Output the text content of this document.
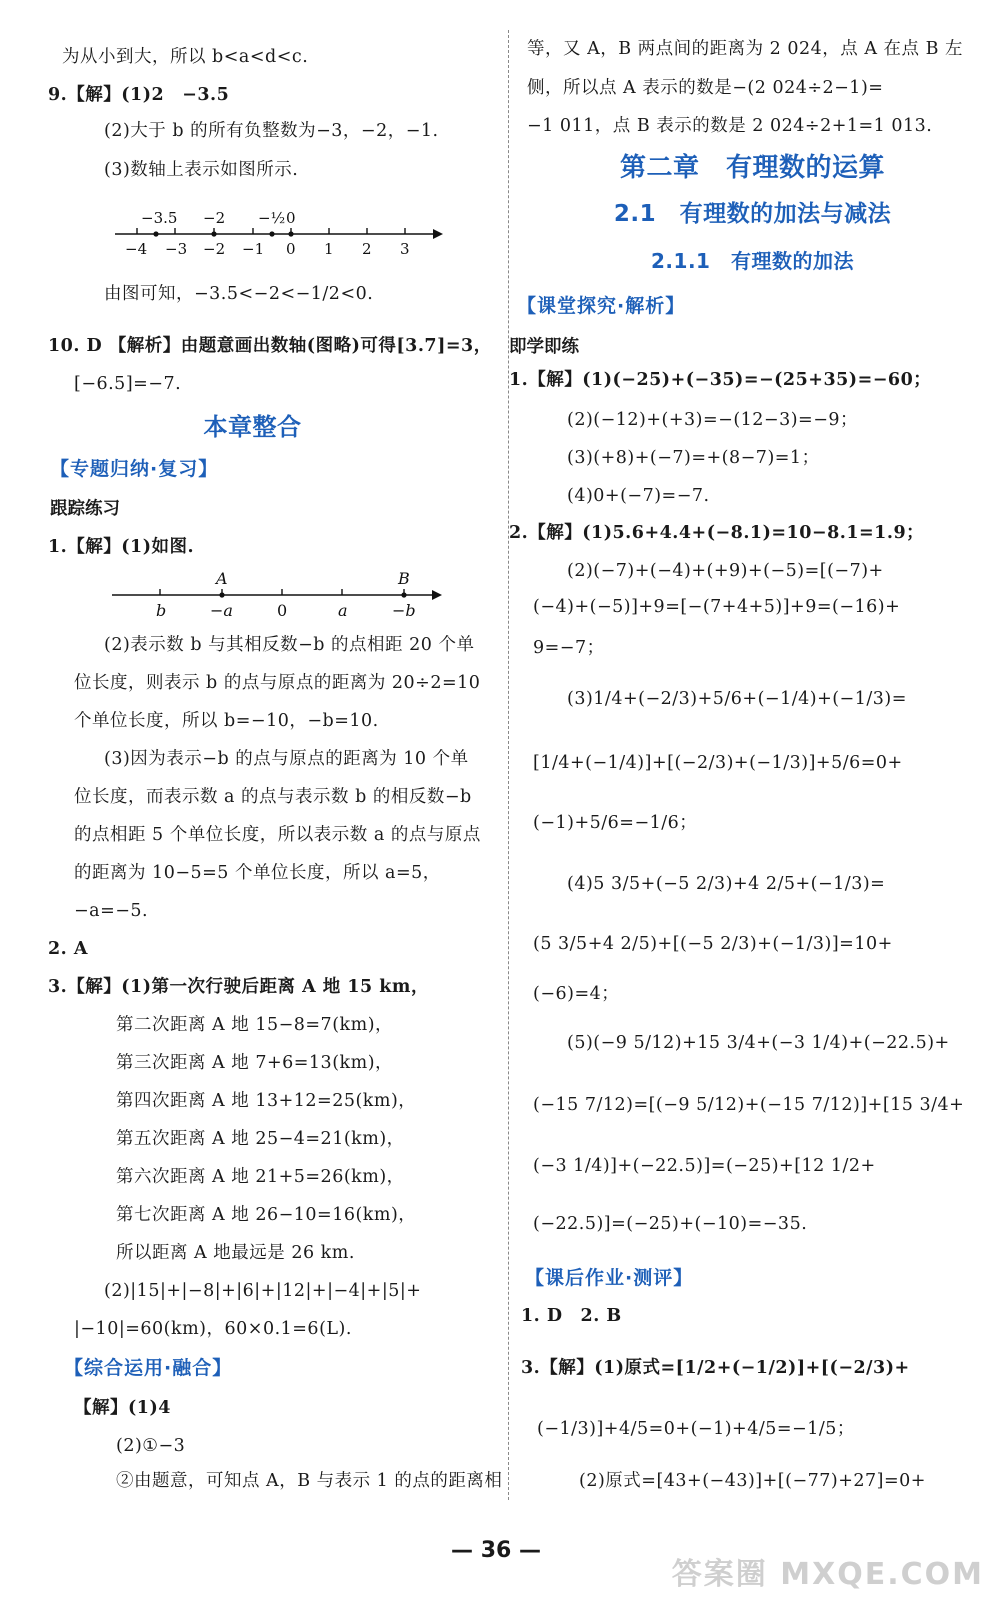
为从小到大，所以 b<a<d<c.
9.【解】(1)2　−3.5
(2)大于 b 的所有负整数为−3，−2，−1.
(3)数轴上表示如图所示.
−3.5 −2 −½ 0
−4 −3 −2 −1 0 1 2 3
由图可知，−3.5<−2<−1/2<0.
10. D 【解析】由题意画出数轴(图略)可得[3.7]=3，
[−6.5]=−7.
本章整合
【专题归纳·复习】
跟踪练习
1.【解】(1)如图.
A	B
b	−a	0	a	−b
(2)表示数 b 与其相反数−b 的点相距 20 个单
位长度，则表示 b 的点与原点的距离为 20÷2=10
个单位长度，所以 b=−10，−b=10.
(3)因为表示−b 的点与原点的距离为 10 个单
位长度，而表示数 a 的点与表示数 b 的相反数−b
的点相距 5 个单位长度，所以表示数 a 的点与原点
的距离为 10−5=5 个单位长度，所以 a=5，
−a=−5.
2. A
3.【解】(1)第一次行驶后距离 A 地 15 km，
第二次距离 A 地 15−8=7(km)，
第三次距离 A 地 7+6=13(km)，
第四次距离 A 地 13+12=25(km)，
第五次距离 A 地 25−4=21(km)，
第六次距离 A 地 21+5=26(km)，
第七次距离 A 地 26−10=16(km)，
所以距离 A 地最远是 26 km.
(2)|15|+|−8|+|6|+|12|+|−4|+|5|+
|−10|=60(km)，60×0.1=6(L).
【综合运用·融合】
【解】(1)4
(2)①−3
②由题意，可知点 A，B 与表示 1 的点的距离相
等，又 A，B 两点间的距离为 2 024，点 A 在点 B 左
侧，所以点 A 表示的数是−(2 024÷2−1)=
−1 011，点 B 表示的数是 2 024÷2+1=1 013.
第二章　有理数的运算
2.1　有理数的加法与减法
2.1.1　有理数的加法
【课堂探究·解析】
即学即练
1.【解】(1)(−25)+(−35)=−(25+35)=−60；
(2)(−12)+(+3)=−(12−3)=−9；
(3)(+8)+(−7)=+(8−7)=1；
(4)0+(−7)=−7.
2.【解】(1)5.6+4.4+(−8.1)=10−8.1=1.9；
(2)(−7)+(−4)+(+9)+(−5)=[(−7)+
(−4)+(−5)]+9=[−(7+4+5)]+9=(−16)+
9=−7；
(3)1/4+(−2/3)+5/6+(−1/4)+(−1/3)=
[1/4+(−1/4)]+[(−2/3)+(−1/3)]+5/6=0+
(−1)+5/6=−1/6；
(4)5 3/5+(−5 2/3)+4 2/5+(−1/3)=
(5 3/5+4 2/5)+[(−5 2/3)+(−1/3)]=10+
(−6)=4；
(5)(−9 5/12)+15 3/4+(−3 1/4)+(−22.5)+
(−15 7/12)=[(−9 5/12)+(−15 7/12)]+[15 3/4+
(−3 1/4)]+(−22.5)]=(−25)+[12 1/2+
(−22.5)]=(−25)+(−10)=−35.
【课后作业·测评】
1. D　2. B
3.【解】(1)原式=[1/2+(−1/2)]+[(−2/3)+
(−1/3)]+4/5=0+(−1)+4/5=−1/5；
(2)原式=[43+(−43)]+[(−77)+27]=0+
— 36 —
答案圈 MXQE.COM
